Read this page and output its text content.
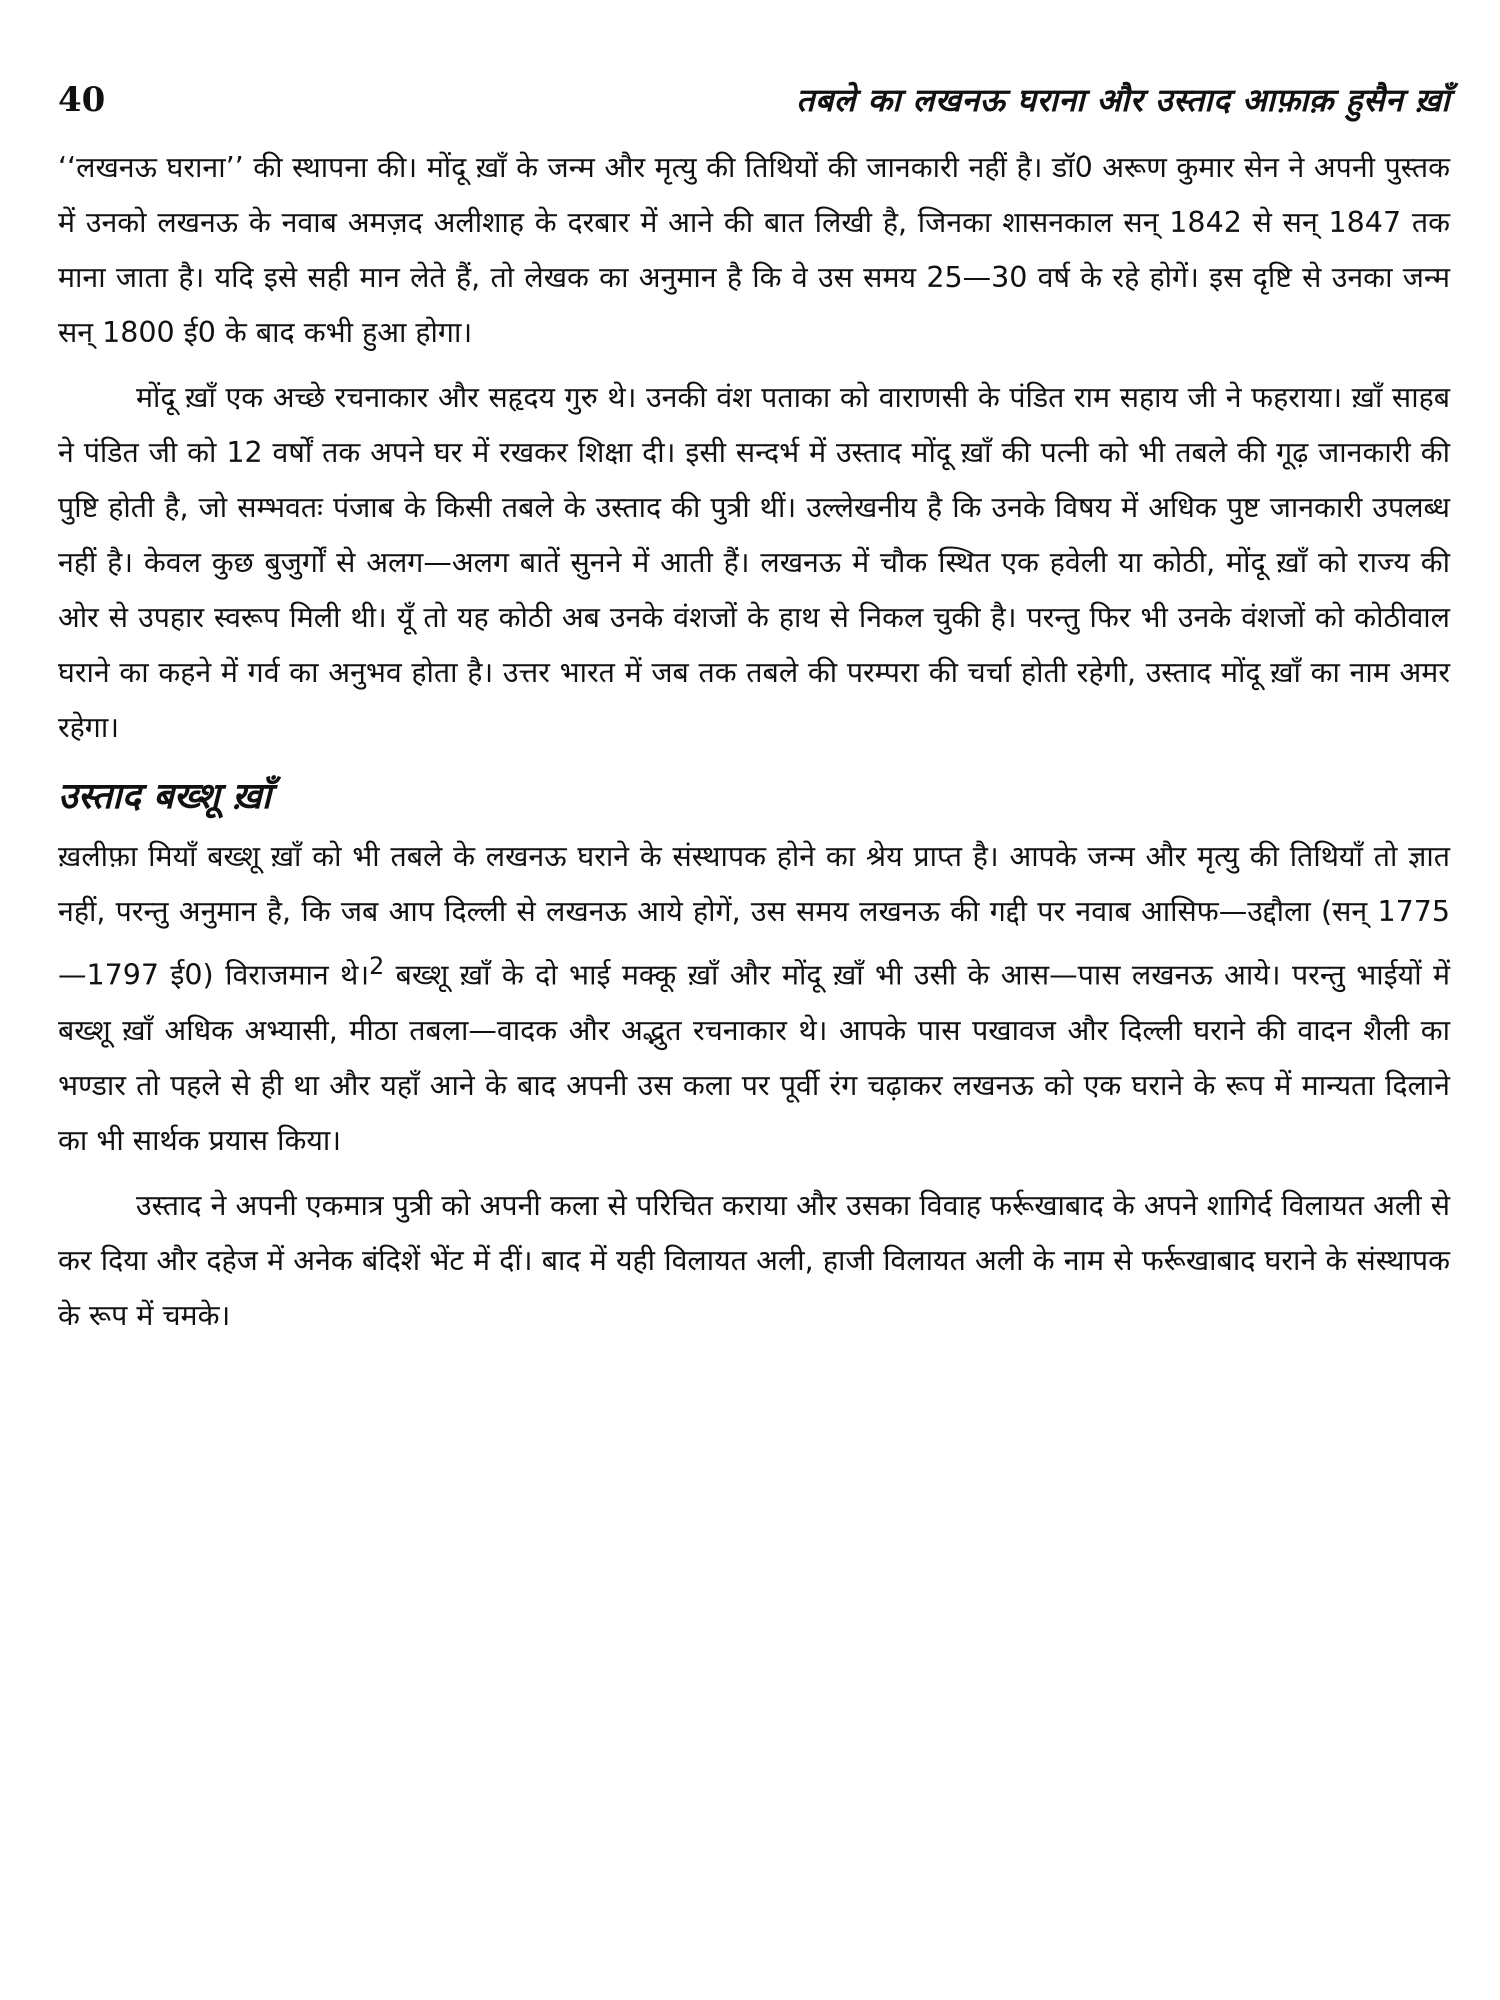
40	तबले का लखनऊ घराना और उस्ताद आफ़ाक़ हुसैन ख़ाँ

‘‘लखनऊ घराना’’ की स्थापना की। मोंदू ख़ाँ के जन्म और मृत्यु की तिथियों की जानकारी नहीं है। डॉ0 अरूण कुमार सेन ने अपनी पुस्तक में उनको लखनऊ के नवाब अमज़द अलीशाह के दरबार में आने की बात लिखी है, जिनका शासनकाल सन् 1842 से सन् 1847 तक माना जाता है। यदि इसे सही मान लेते हैं, तो लेखक का अनुमान है कि वे उस समय 25—30 वर्ष के रहे होगें। इस दृष्टि से उनका जन्म सन् 1800 ई0 के बाद कभी हुआ होगा।

मोंदू ख़ाँ एक अच्छे रचनाकार और सहृदय गुरु थे। उनकी वंश पताका को वाराणसी के पंडित राम सहाय जी ने फहराया। ख़ाँ साहब ने पंडित जी को 12 वर्षों तक अपने घर में रखकर शिक्षा दी। इसी सन्दर्भ में उस्ताद मोंदू ख़ाँ की पत्नी को भी तबले की गूढ़ जानकारी की पुष्टि होती है, जो सम्भवतः पंजाब के किसी तबले के उस्ताद की पुत्री थीं। उल्लेखनीय है कि उनके विषय में अधिक पुष्ट जानकारी उपलब्ध नहीं है। केवल कुछ बुजुर्गों से अलग—अलग बातें सुनने में आती हैं। लखनऊ में चौक स्थित एक हवेली या कोठी, मोंदू ख़ाँ को राज्य की ओर से उपहार स्वरूप मिली थी। यूँ तो यह कोठी अब उनके वंशजों के हाथ से निकल चुकी है। परन्तु फिर भी उनके वंशजों को कोठीवाल घराने का कहने में गर्व का अनुभव होता है। उत्तर भारत में जब तक तबले की परम्परा की चर्चा होती रहेगी, उस्ताद मोंदू ख़ाँ का नाम अमर रहेगा।

उस्ताद बख्शू ख़ाँ

ख़लीफ़ा मियाँ बख्शू ख़ाँ को भी तबले के लखनऊ घराने के संस्थापक होने का श्रेय प्राप्त है। आपके जन्म और मृत्यु की तिथियाँ तो ज्ञात नहीं, परन्तु अनुमान है, कि जब आप दिल्ली से लखनऊ आये होगें, उस समय लखनऊ की गद्दी पर नवाब आसिफ—उद्दौला (सन् 1775—1797 ई0) विराजमान थे।$^2$ बख्शू ख़ाँ के दो भाई मक्कू ख़ाँ और मोंदू ख़ाँ भी उसी के आस—पास लखनऊ आये। परन्तु भाईयों में बख्शू ख़ाँ अधिक अभ्यासी, मीठा तबला—वादक और अद्भुत रचनाकार थे। आपके पास पखावज और दिल्ली घराने की वादन शैली का भण्डार तो पहले से ही था और यहाँ आने के बाद अपनी उस कला पर पूर्वी रंग चढ़ाकर लखनऊ को एक घराने के रूप में मान्यता दिलाने का भी सार्थक प्रयास किया।

उस्ताद ने अपनी एकमात्र पुत्री को अपनी कला से परिचित कराया और उसका विवाह फर्रूखाबाद के अपने शागिर्द विलायत अली से कर दिया और दहेज में अनेक बंदिशें भेंट में दीं। बाद में यही विलायत अली, हाजी विलायत अली के नाम से फर्रूखाबाद घराने के संस्थापक के रूप में चमके।
